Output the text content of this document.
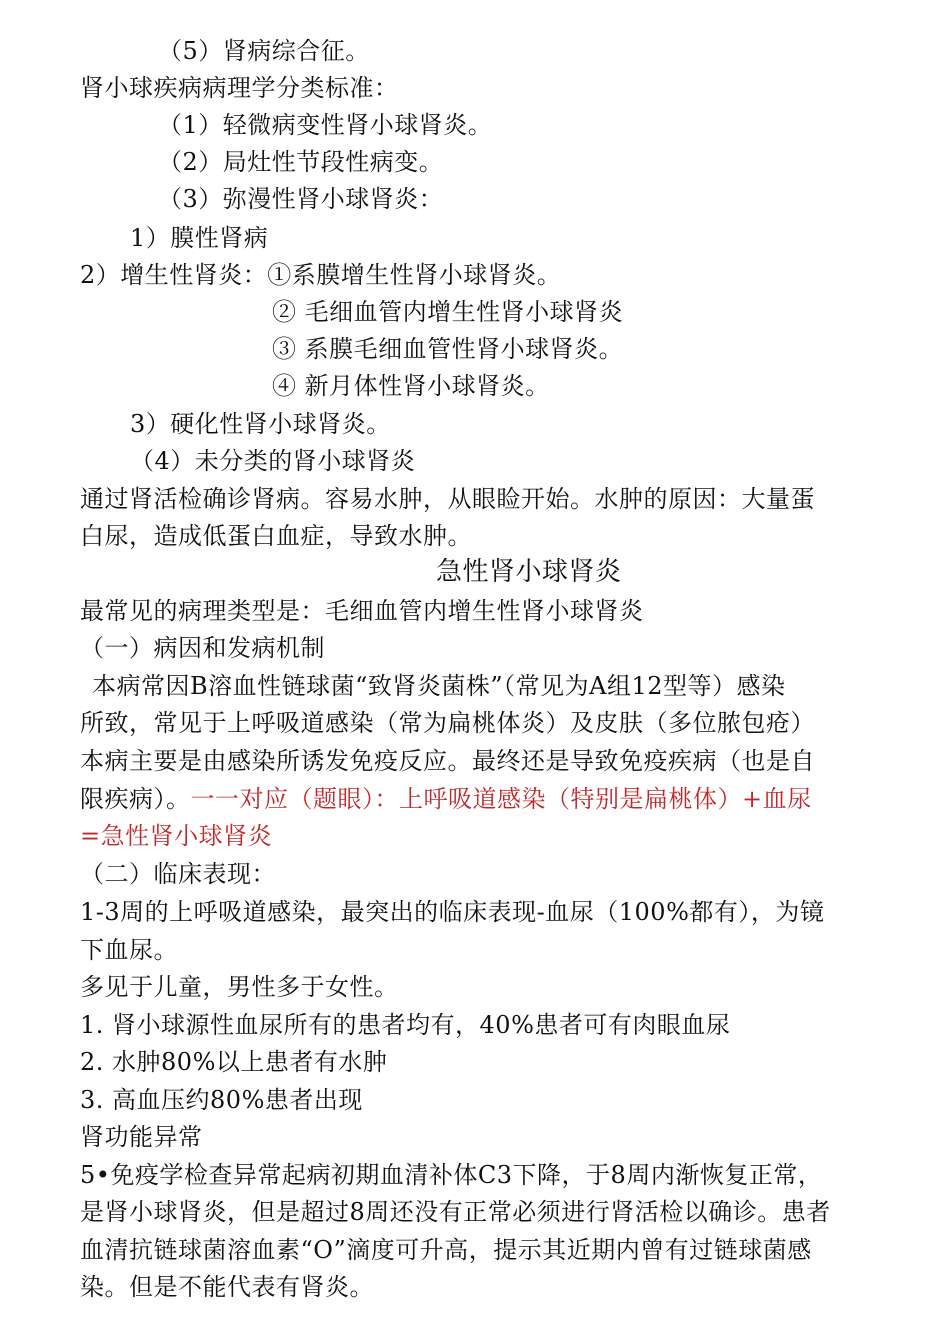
（5）肾病综合征。
肾小球疾病病理学分类标准：
（1）轻微病变性肾小球肾炎。
（2）局灶性节段性病变。
（3）弥漫性肾小球肾炎：
1）膜性肾病
2）增生性肾炎：①系膜增生性肾小球肾炎。
② 毛细血管内增生性肾小球肾炎
③ 系膜毛细血管性肾小球肾炎。
④ 新月体性肾小球肾炎。
3）硬化性肾小球肾炎。
（4）未分类的肾小球肾炎
通过肾活检确诊肾病。容易水肿，从眼睑开始。水肿的原因：大量蛋
白尿，造成低蛋白血症，导致水肿。
急性肾小球肾炎
最常见的病理类型是：毛细血管内增生性肾小球肾炎
（一）病因和发病机制
本病常因Β溶血性链球菌“致肾炎菌株”（常见为A组12型等）感染
所致，常见于上呼吸道感染（常为扁桃体炎）及皮肤（多位脓包疮）
本病主要是由感染所诱发免疫反应。最终还是导致免疫疾病（也是自
限疾病）。一一对应（题眼）：上呼吸道感染（特别是扁桃体）+血尿
=急性肾小球肾炎
（二）临床表现：
1-3周的上呼吸道感染，最突出的临床表现-血尿（100%都有），为镜
下血尿。
多见于儿童，男性多于女性。
1. 肾小球源性血尿所有的患者均有，40%患者可有肉眼血尿
2. 水肿80%以上患者有水肿
3. 高血压约80%患者出现
肾功能异常
5•免疫学检查异常起病初期血清补体C3下降，于8周内渐恢复正常，
是肾小球肾炎，但是超过8周还没有正常必须进行肾活检以确诊。患者
血清抗链球菌溶血素“O”滴度可升高，提示其近期内曾有过链球菌感
染。但是不能代表有肾炎。
